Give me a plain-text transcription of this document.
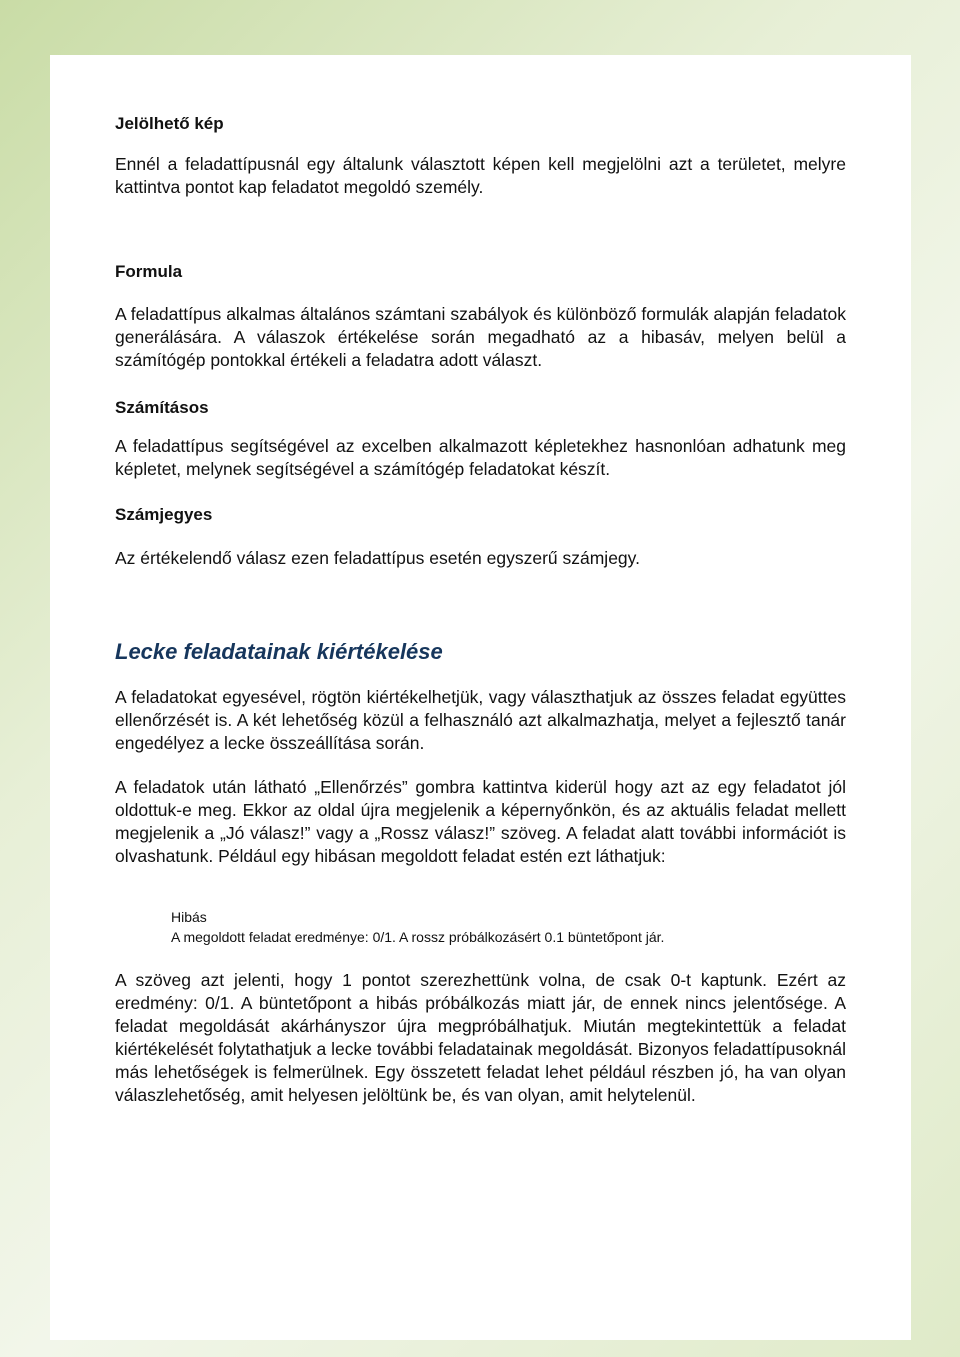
Jelölhető kép

Ennél a feladattípusnál egy általunk választott képen kell megjelölni azt a területet, melyre kattintva pontot kap feladatot megoldó személy.

Formula

A feladattípus alkalmas általános számtani szabályok és különböző formulák alapján feladatok generálására. A válaszok értékelése során megadható az a hibasáv, melyen belül a számítógép pontokkal értékeli a feladatra adott választ.

Számításos

A feladattípus segítségével az excelben alkalmazott képletekhez hasnonlóan adhatunk meg képletet, melynek segítségével a számítógép feladatokat készít.

Számjegyes

Az értékelendő válasz ezen feladattípus esetén egyszerű számjegy.

Lecke feladatainak kiértékelése

A feladatokat egyesével, rögtön kiértékelhetjük, vagy választhatjuk az összes feladat együttes ellenőrzését is. A két lehetőség közül a felhasználó azt alkalmazhatja, melyet a fejlesztő tanár engedélyez a lecke összeállítása során.

A feladatok után látható „Ellenőrzés” gombra kattintva kiderül hogy azt az egy feladatot jól oldottuk-e meg. Ekkor az oldal újra megjelenik a képernyőnkön, és az aktuális feladat mellett megjelenik a „Jó válasz!” vagy a „Rossz válasz!” szöveg. A feladat alatt további információt is olvashatunk. Például egy hibásan megoldott feladat estén ezt láthatjuk:

Hibás
A megoldott feladat eredménye: 0/1. A rossz próbálkozásért 0.1 büntetőpont jár.

A szöveg azt jelenti, hogy 1 pontot szerezhettünk volna, de csak 0-t kaptunk. Ezért az eredmény: 0/1. A büntetőpont a hibás próbálkozás miatt jár, de ennek nincs jelentősége. A feladat megoldását akárhányszor újra megpróbálhatjuk. Miután megtekintettük a feladat kiértékelését folytathatjuk a lecke további feladatainak megoldását. Bizonyos feladattípusoknál más lehetőségek is felmerülnek. Egy összetett feladat lehet például részben jó, ha van olyan válaszlehetőség, amit helyesen jelöltünk be, és van olyan, amit helytelenül.
